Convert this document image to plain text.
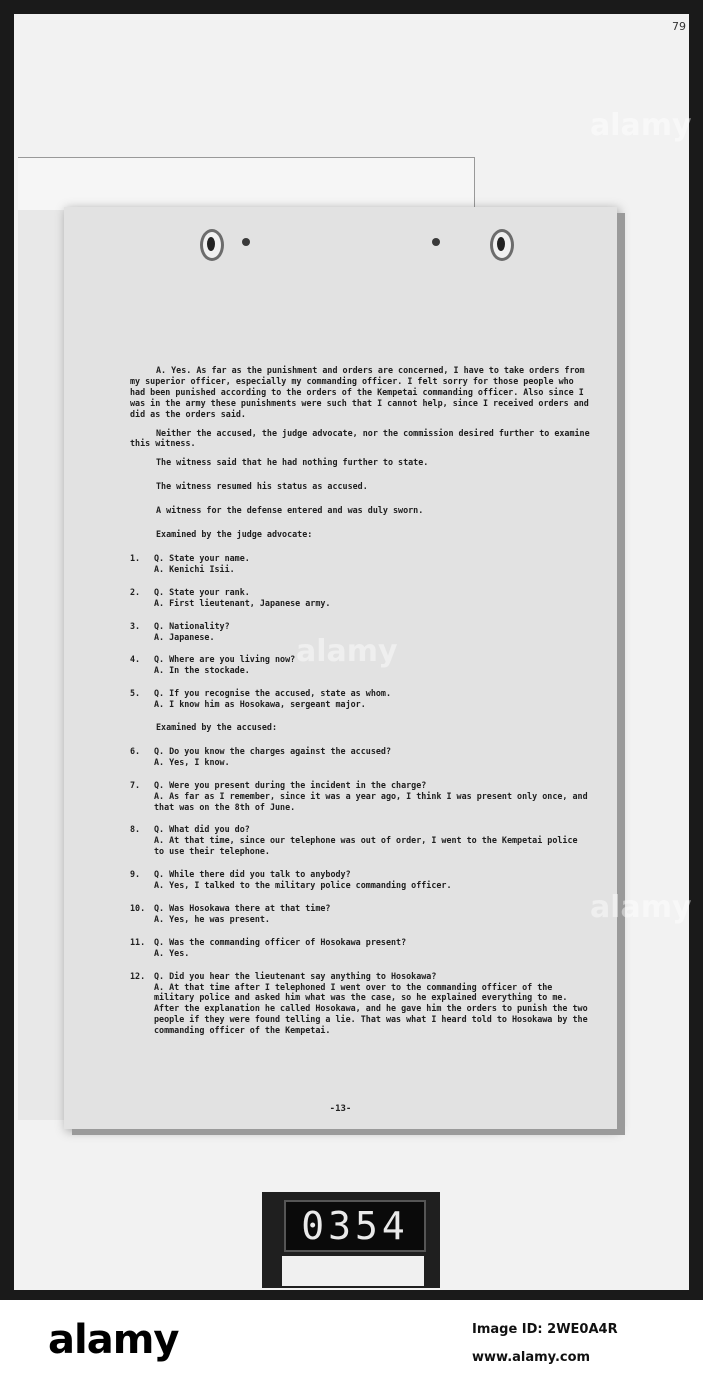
79

A. Yes. As far as the punishment and orders are concerned, I have to take orders from my superior officer, especially my commanding officer. I felt sorry for those people who had been punished according to the orders of the Kempetai commanding officer. Also since I was in the army these punishments were such that I cannot help, since I received orders and did as the orders said.

Neither the accused, the judge advocate, nor the commission desired further to examine this witness.

The witness said that he had nothing further to state.

The witness resumed his status as accused.

A witness for the defense entered and was duly sworn.

Examined by the judge advocate:

1.	Q. State your name.
A. Kenichi Isii.
2.	Q. State your rank.
A. First lieutenant, Japanese army.
3.	Q. Nationality?
A. Japanese.
4.	Q. Where are you living now?
A. In the stockade.
5.	Q. If you recognise the accused, state as whom.
A. I know him as Hosokawa, sergeant major.

Examined by the accused:

6.	Q. Do you know the charges against the accused?
A. Yes, I know.
7.	Q. Were you present during the incident in the charge?
A. As far as I remember, since it was a year ago, I think I was present only once, and that was on the 8th of June.
8.	Q. What did you do?
A. At that time, since our telephone was out of order, I went to the Kempetai police to use their telephone.
9.	Q. While there did you talk to anybody?
A. Yes, I talked to the military police commanding officer.
10.	Q. Was Hosokawa there at that time?
A. Yes, he was present.
11.	Q. Was the commanding officer of Hosokawa present?
A. Yes.
12.	Q. Did you hear the lieutenant say anything to Hosokawa?
A. At that time after I telephoned I went over to the commanding officer of the military police and asked him what was the case, so he explained everything to me. After the explanation he called Hosokawa, and he gave him the orders to punish the two people if they were found telling a lie. That was what I heard told to Hosokawa by the commanding officer of the Kempetai.
-13-
alamy
alamy
alamy
0354
alamy	Image ID: 2WE0A4R
www.alamy.com
